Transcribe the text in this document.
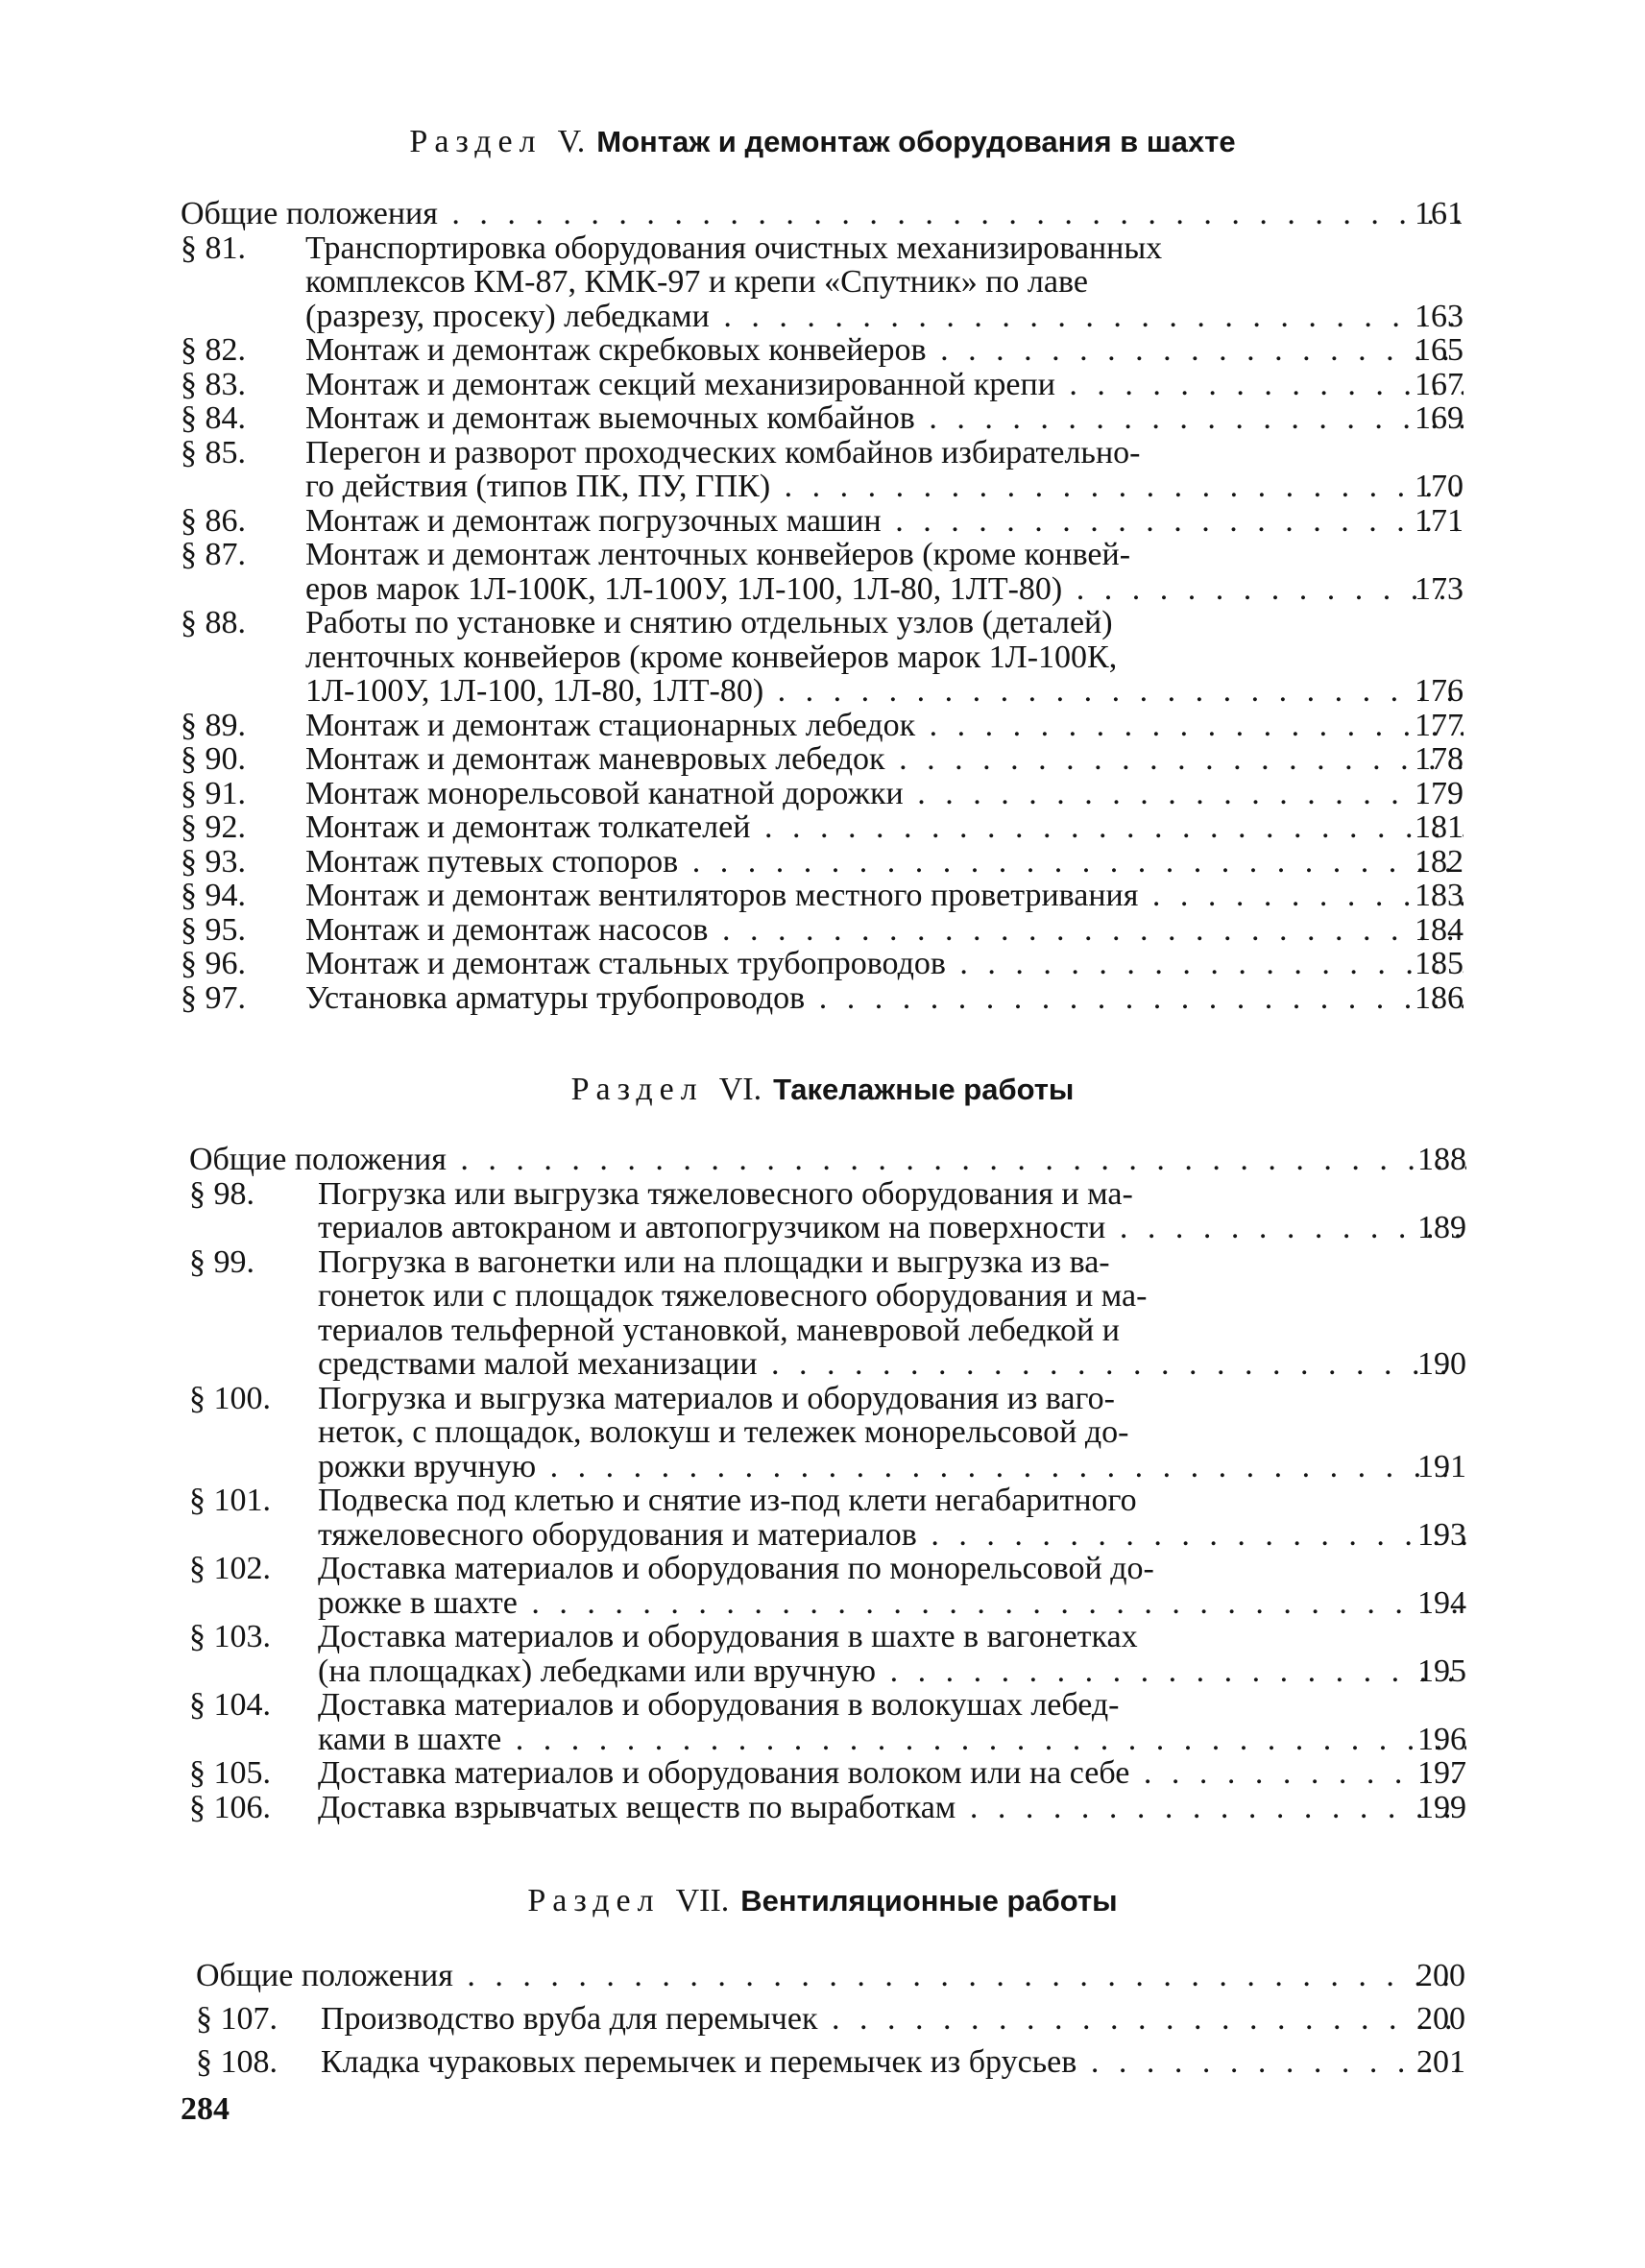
Раздел V. Монтаж и демонтаж оборудования в шахте
Общие положения . . .	161
§ 81.	Транспортировка оборудования очистных механизированных
комплексов КМ-87, КМК-97 и крепи «Спутник» по лаве
(разрезу, просеку) лебедками . . .	163
§ 82.	Монтаж и демонтаж скребковых конвейеров . . .	165
§ 83.	Монтаж и демонтаж секций механизированной крепи . . .	167
§ 84.	Монтаж и демонтаж выемочных комбайнов . . .	169
§ 85.	Перегон и разворот проходческих комбайнов избирательно-
го действия (типов ПК, ПУ, ГПК) . . .	170
§ 86.	Монтаж и демонтаж погрузочных машин . . .	171
§ 87.	Монтаж и демонтаж ленточных конвейеров (кроме конвей-
еров марок 1Л-100К, 1Л-100У, 1Л-100, 1Л-80, 1ЛТ-80) . . .	173
§ 88.	Работы по установке и снятию отдельных узлов (деталей)
ленточных конвейеров (кроме конвейеров марок 1Л-100К,
1Л-100У, 1Л-100, 1Л-80, 1ЛТ-80) . . .	176
§ 89.	Монтаж и демонтаж стационарных лебедок . . .	177
§ 90.	Монтаж и демонтаж маневровых лебедок . . .	178
§ 91.	Монтаж монорельсовой канатной дорожки . . .	179
§ 92.	Монтаж и демонтаж толкателей . . .	181
§ 93.	Монтаж путевых стопоров . . .	182
§ 94.	Монтаж и демонтаж вентиляторов местного проветривания . . .	183
§ 95.	Монтаж и демонтаж насосов . . .	184
§ 96.	Монтаж и демонтаж стальных трубопроводов . . .	185
§ 97.	Установка арматуры трубопроводов . . .	186
Раздел VI. Такелажные работы
Общие положения . . .	188
§ 98.	Погрузка или выгрузка тяжеловесного оборудования и ма-
териалов автокраном и автопогрузчиком на поверхности . . .	189
§ 99.	Погрузка в вагонетки или на площадки и выгрузка из ва-
гонеток или с площадок тяжеловесного оборудования и ма-
териалов тельферной установкой, маневровой лебедкой и
средствами малой механизации . . .	190
§ 100.	Погрузка и выгрузка материалов и оборудования из ваго-
неток, с площадок, волокуш и тележек монорельсовой до-
рожки вручную . . .	191
§ 101.	Подвеска под клетью и снятие из-под клети негабаритного
тяжеловесного оборудования и материалов . . .	193
§ 102.	Доставка материалов и оборудования по монорельсовой до-
рожке в шахте . . .	194
§ 103.	Доставка материалов и оборудования в шахте в вагонетках
(на площадках) лебедками или вручную . . .	195
§ 104.	Доставка материалов и оборудования в волокушах лебед-
ками в шахте . . .	196
§ 105.	Доставка материалов и оборудования волоком или на себе . . .	197
§ 106.	Доставка взрывчатых веществ по выработкам . . .	199
Раздел VII. Вентиляционные работы
Общие положения . . .	200
§ 107.	Производство вруба для перемычек . . .	200
§ 108.	Кладка чураковых перемычек и перемычек из брусьев . . .	201
284
